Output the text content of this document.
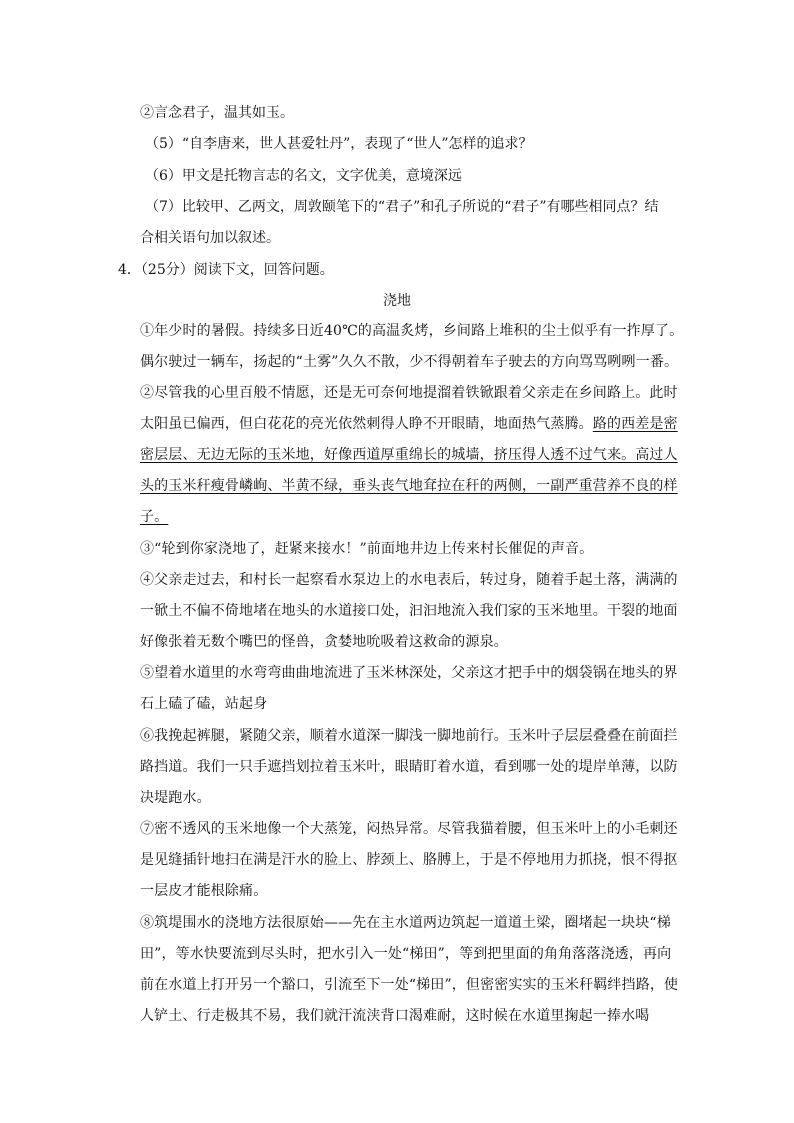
②言念君子，温其如玉。
（5）“自李唐来，世人甚爱牡丹”，表现了“世人”怎样的追求？
（6）甲文是托物言志的名文，文字优美，意境深远
（7）比较甲、乙两文，周敦颐笔下的“君子”和孔子所说的“君子”有哪些相同点？结
合相关语句加以叙述。
4．（25分）阅读下文，回答问题。
浇地
①年少时的暑假。持续多日近40℃的高温炙烤，乡间路上堆积的尘土似乎有一拃厚了。
偶尔驶过一辆车，扬起的“土雾”久久不散，少不得朝着车子驶去的方向骂骂咧咧一番。
②尽管我的心里百般不情愿，还是无可奈何地提溜着铁锨跟着父亲走在乡间路上。此时
太阳虽已偏西，但白花花的亮光依然刺得人睁不开眼睛，地面热气蒸腾。路的西差是密
密层层、无边无际的玉米地，好像西道厚重绵长的城墙，挤压得人透不过气来。高过人
头的玉米秆瘦骨嶙峋、半黄不绿，垂头丧气地耷拉在秆的两侧，一副严重营养不良的样
子。
③“轮到你家浇地了，赶紧来接水！”前面地井边上传来村长催促的声音。
④父亲走过去，和村长一起察看水泵边上的水电表后，转过身，随着手起土落，满满的
一锨土不偏不倚地堵在地头的水道接口处，汩汩地流入我们家的玉米地里。干裂的地面
好像张着无数个嘴巴的怪兽，贪婪地吮吸着这救命的源泉。
⑤望着水道里的水弯弯曲曲地流进了玉米林深处，父亲这才把手中的烟袋锅在地头的界
石上磕了磕，站起身
⑥我挽起裤腿，紧随父亲，顺着水道深一脚浅一脚地前行。玉米叶子层层叠叠在前面拦
路挡道。我们一只手遮挡划拉着玉米叶，眼睛盯着水道，看到哪一处的堤岸单薄，以防
决堤跑水。
⑦密不透风的玉米地像一个大蒸笼，闷热异常。尽管我猫着腰，但玉米叶上的小毛刺还
是见缝插针地扫在满是汗水的脸上、脖颈上、胳膊上，于是不停地用力抓挠，恨不得抠
一层皮才能根除痛。
⑧筑堤围水的浇地方法很原始——先在主水道两边筑起一道道土梁，圈堵起一块块“梯
田”，等水快要流到尽头时，把水引入一处“梯田”，等到把里面的角角落落浇透，再向
前在水道上打开另一个豁口，引流至下一处“梯田”，但密密实实的玉米秆羁绊挡路，使
人铲土、行走极其不易，我们就汗流浃背口渴难耐，这时候在水道里掬起一捧水喝
